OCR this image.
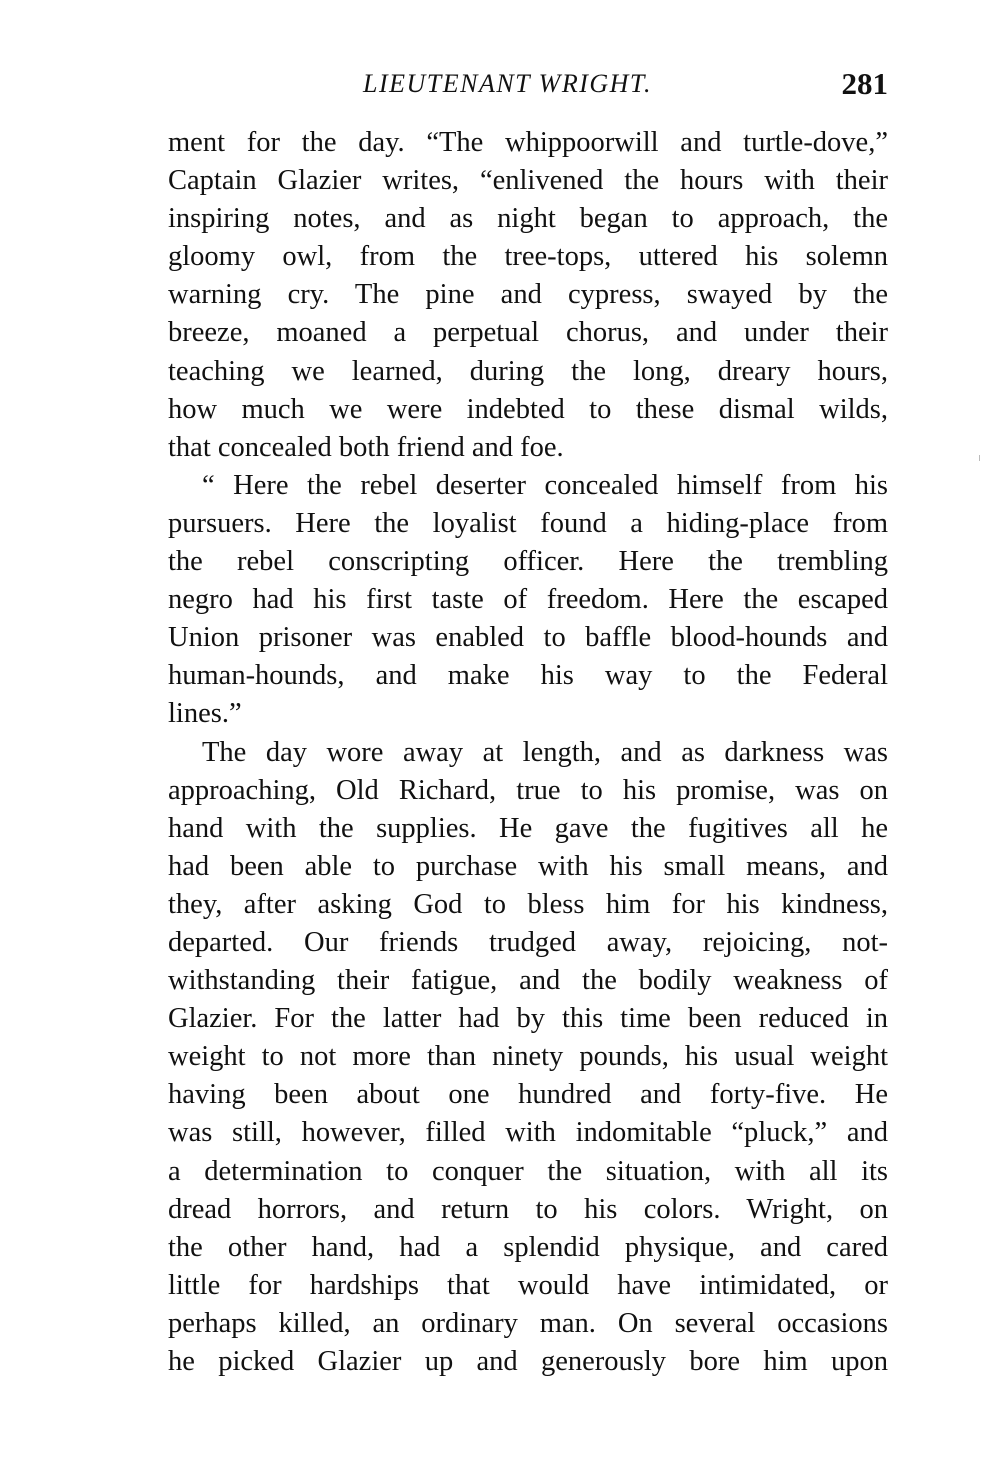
LIEUTENANT WRIGHT.	281
ment for the day. “The whippoorwill and turtle-dove,”
Captain Glazier writes, “enlivened the hours with their
inspiring notes, and as night began to approach, the
gloomy owl, from the tree-tops, uttered his solemn
warning cry. The pine and cypress, swayed by the
breeze, moaned a perpetual chorus, and under their
teaching we learned, during the long, dreary hours,
how much we were indebted to these dismal wilds,
that concealed both friend and foe.
“ Here the rebel deserter concealed himself from his
pursuers. Here the loyalist found a hiding-place from
the rebel conscripting officer. Here the trembling
negro had his first taste of freedom. Here the escaped
Union prisoner was enabled to baffle blood-hounds and
human-hounds, and make his way to the Federal
lines.”
The day wore away at length, and as darkness was
approaching, Old Richard, true to his promise, was on
hand with the supplies. He gave the fugitives all he
had been able to purchase with his small means, and
they, after asking God to bless him for his kindness,
departed. Our friends trudged away, rejoicing, not-
withstanding their fatigue, and the bodily weakness of
Glazier. For the latter had by this time been reduced in
weight to not more than ninety pounds, his usual weight
having been about one hundred and forty-five. He
was still, however, filled with indomitable “pluck,” and
a determination to conquer the situation, with all its
dread horrors, and return to his colors. Wright, on
the other hand, had a splendid physique, and cared
little for hardships that would have intimidated, or
perhaps killed, an ordinary man. On several occasions
he picked Glazier up and generously bore him upon
